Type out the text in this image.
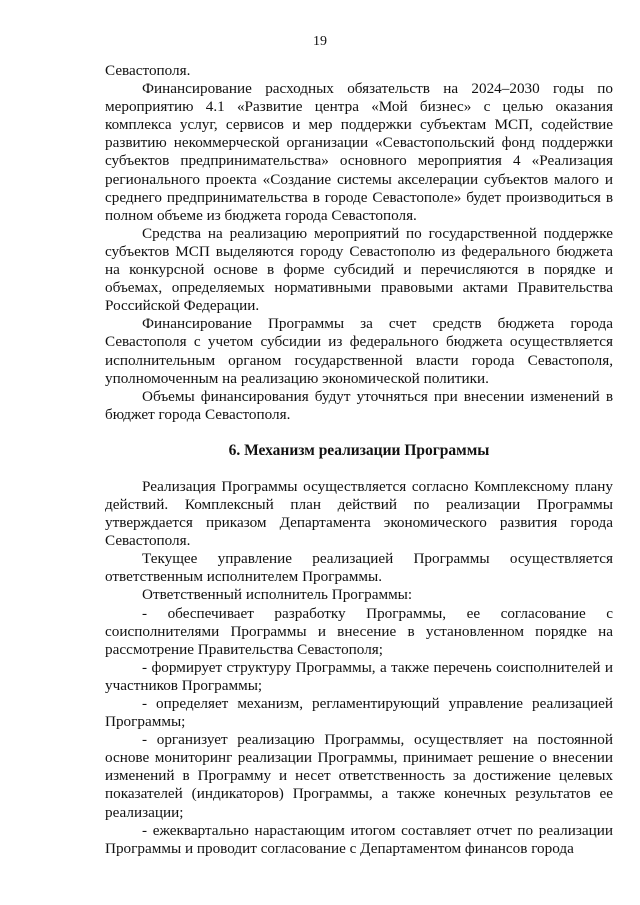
19

Севастополя.

Финансирование расходных обязательств на 2024–2030 годы по мероприятию 4.1 «Развитие центра «Мой бизнес» с целью оказания комплекса услуг, сервисов и мер поддержки субъектам МСП, содействие развитию некоммерческой организации «Севастопольский фонд поддержки субъектов предпринимательства» основного мероприятия 4 «Реализация регионального проекта «Создание системы акселерации субъектов малого и среднего предпринимательства в городе Севастополе» будет производиться в полном объеме из бюджета города Севастополя.

Средства на реализацию мероприятий по государственной поддержке субъектов МСП выделяются городу Севастополю из федерального бюджета на конкурсной основе в форме субсидий и перечисляются в порядке и объемах, определяемых нормативными правовыми актами Правительства Российской Федерации.

Финансирование Программы за счет средств бюджета города Севастополя с учетом субсидии из федерального бюджета осуществляется исполнительным органом государственной власти города Севастополя, уполномоченным на реализацию экономической политики.

Объемы финансирования будут уточняться при внесении изменений в бюджет города Севастополя.

6. Механизм реализации Программы

Реализация Программы осуществляется согласно Комплексному плану действий. Комплексный план действий по реализации Программы утверждается приказом Департамента экономического развития города Севастополя.

Текущее управление реализацией Программы осуществляется ответственным исполнителем Программы.

Ответственный исполнитель Программы:

- обеспечивает разработку Программы, ее согласование с соисполнителями Программы и внесение в установленном порядке на рассмотрение Правительства Севастополя;

- формирует структуру Программы, а также перечень соисполнителей и участников Программы;

- определяет механизм, регламентирующий управление реализацией Программы;

- организует реализацию Программы, осуществляет на постоянной основе мониторинг реализации Программы, принимает решение о внесении изменений в Программу и несет ответственность за достижение целевых показателей (индикаторов) Программы, а также конечных результатов ее реализации;

- ежеквартально нарастающим итогом составляет отчет по реализации Программы и проводит согласование с Департаментом финансов города
